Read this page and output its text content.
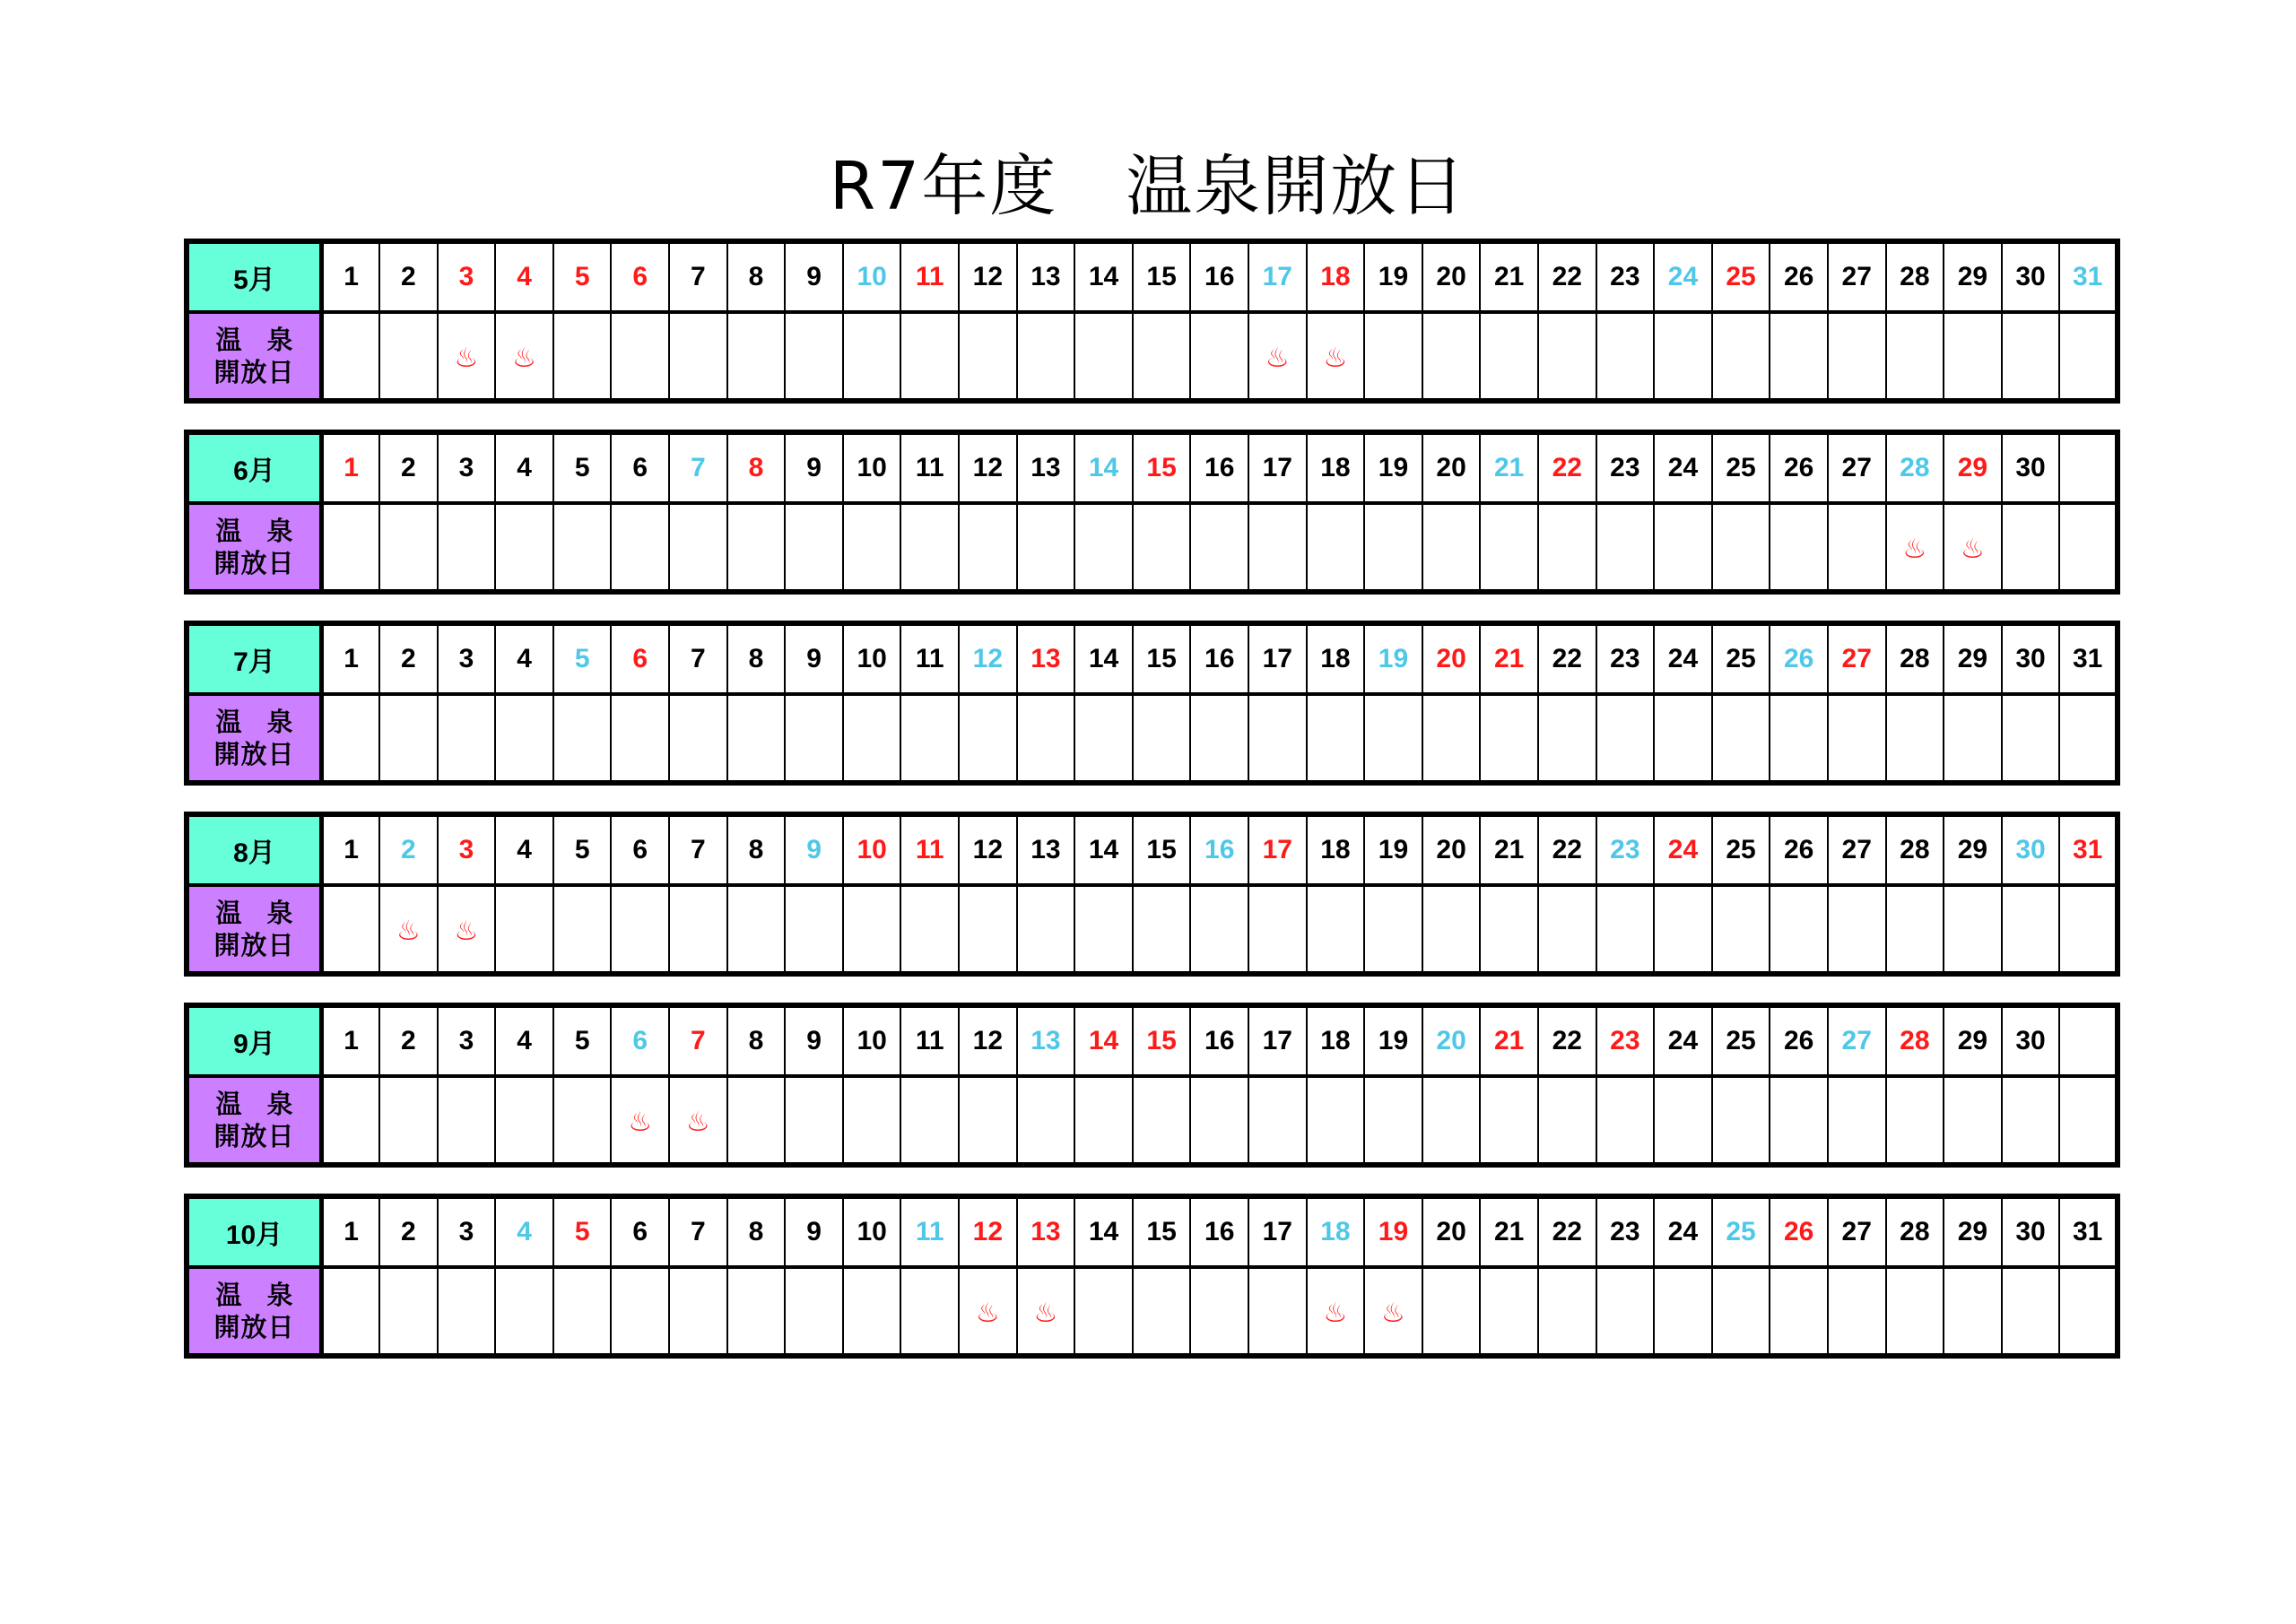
R7年度　温泉開放日
5月	1	2	3	4	5	6	7	8	9	10	11	12	13	14	15	16	17	18	19	20	21	22	23	24	25	26	27	28	29	30	31

温泉
開放日			♨	♨													♨	♨													
6月	1	2	3	4	5	6	7	8	9	10	11	12	13	14	15	16	17	18	19	20	21	22	23	24	25	26	27	28	29	30	

温泉
開放日																												♨	♨		
7月	1	2	3	4	5	6	7	8	9	10	11	12	13	14	15	16	17	18	19	20	21	22	23	24	25	26	27	28	29	30	31

温泉
開放日																															

8月	1	2	3	4	5	6	7	8	9	10	11	12	13	14	15	16	17	18	19	20	21	22	23	24	25	26	27	28	29	30	31

温泉
開放日		♨	♨																												
9月	1	2	3	4	5	6	7	8	9	10	11	12	13	14	15	16	17	18	19	20	21	22	23	24	25	26	27	28	29	30	

温泉
開放日						♨	♨																								
10月	1	2	3	4	5	6	7	8	9	10	11	12	13	14	15	16	17	18	19	20	21	22	23	24	25	26	27	28	29	30	31

温泉
開放日												♨	♨					♨	♨												
